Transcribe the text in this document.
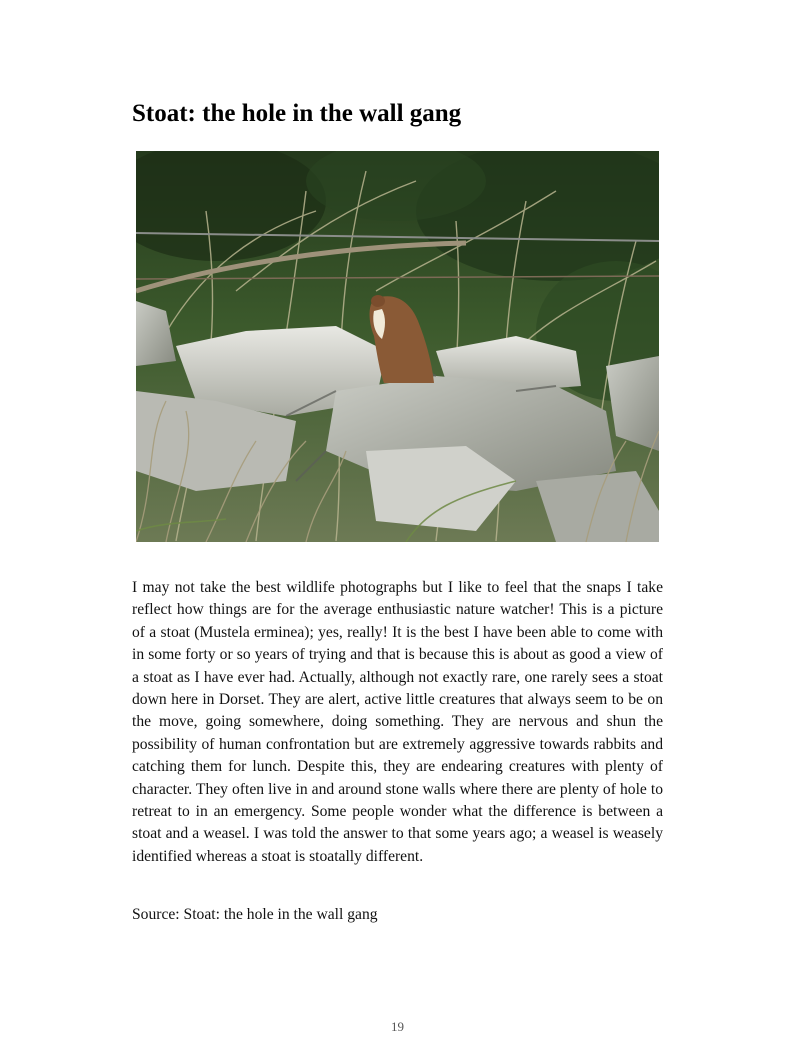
Stoat: the hole in the wall gang

I may not take the best wildlife photographs but I like to feel that the snaps I take reflect how things are for the average enthusiastic nature watcher! This is a picture of a stoat (Mustela erminea); yes, really! It is the best I have been able to come with in some forty or so years of trying and that is because this is about as good a view of a stoat as I have ever had. Actually, although not exactly rare, one rarely sees a stoat down here in Dorset. They are alert, active little creatures that always seem to be on the move, going somewhere, doing something. They are nervous and shun the possibility of human confrontation but are extremely aggressive towards rabbits and catching them for lunch. Despite this, they are endearing creatures with plenty of character. They often live in and around stone walls where there are plenty of hole to retreat to in an emergency. Some people wonder what the difference is between a stoat and a weasel. I was told the answer to that some years ago; a weasel is weasely identified whereas a stoat is stoatally different.

Source: Stoat: the hole in the wall gang

19
